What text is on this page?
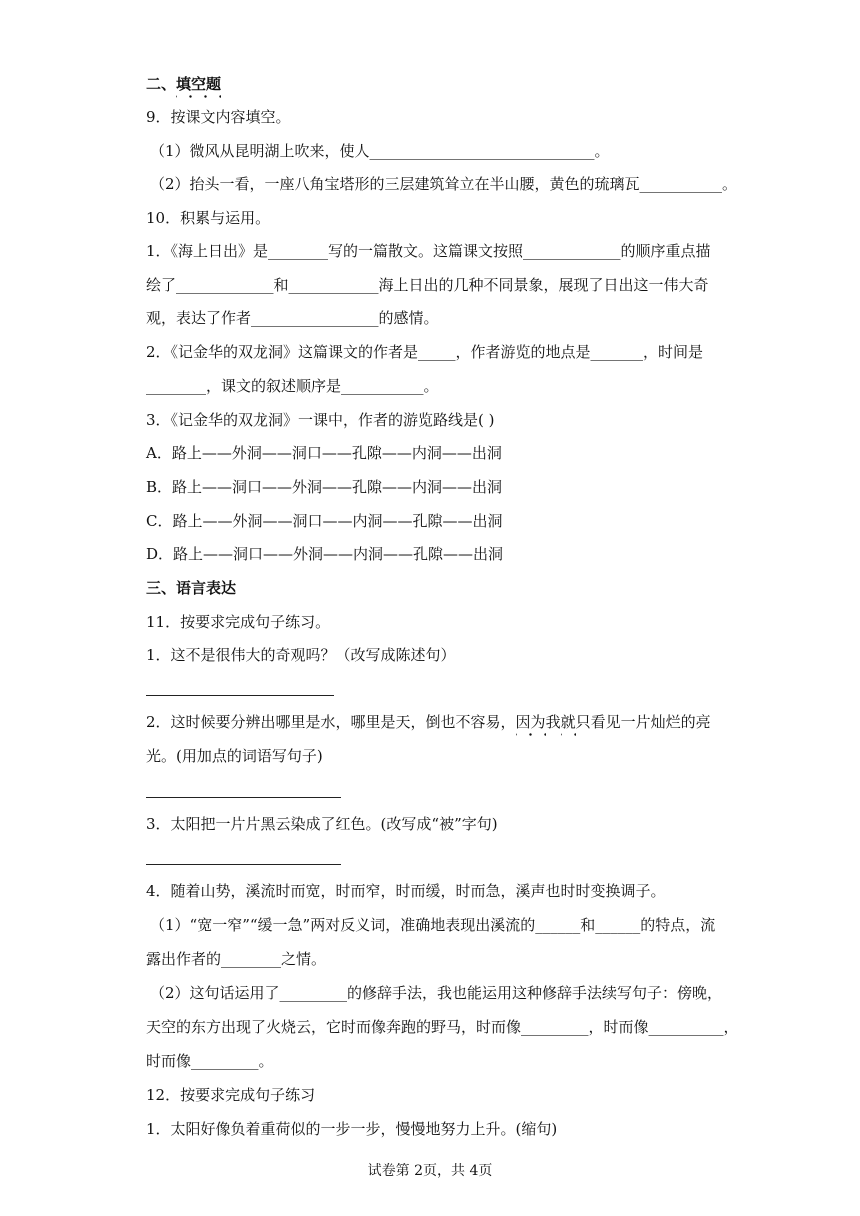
二、填空题
9．按课文内容填空。
（1）微风从昆明湖上吹来，使人______________________________。
（2）抬头一看，一座八角宝塔形的三层建筑耸立在半山腰，黄色的琉璃瓦___________。
10．积累与运用。
1．《海上日出》是________写的一篇散文。这篇课文按照_____________的顺序重点描
绘了_____________和____________海上日出的几种不同景象，展现了日出这一伟大奇
观，表达了作者_________________的感情。
2．《记金华的双龙洞》这篇课文的作者是_____，作者游览的地点是_______，时间是
________，课文的叙述顺序是___________。
3．《记金华的双龙洞》一课中，作者的游览路线是( )
A．路上——外洞——洞口——孔隙——内洞——出洞
B．路上——洞口——外洞——孔隙——内洞——出洞
C．路上——外洞——洞口——内洞——孔隙——出洞
D．路上——洞口——外洞——内洞——孔隙——出洞
三、语言表达
11．按要求完成句子练习。
1．这不是很伟大的奇观吗？（改写成陈述句）
2．这时候要分辨出哪里是水，哪里是天，倒也不容易，因为我就只看见一片灿烂的亮
光。(用加点的词语写句子)
3．太阳把一片片黑云染成了红色。(改写成“被”字句)
4．随着山势，溪流时而宽，时而窄，时而缓，时而急，溪声也时时变换调子。
（1）“宽一窄”“缓一急”两对反义词，准确地表现出溪流的______和______的特点，流
露出作者的________之情。
（2）这句话运用了_________的修辞手法，我也能运用这种修辞手法续写句子：傍晚，
天空的东方出现了火烧云，它时而像奔跑的野马，时而像_________，时而像__________，
时而像_________。
12．按要求完成句子练习
1．太阳好像负着重荷似的一步一步，慢慢地努力上升。(缩句)
试卷第 2页，共 4页
